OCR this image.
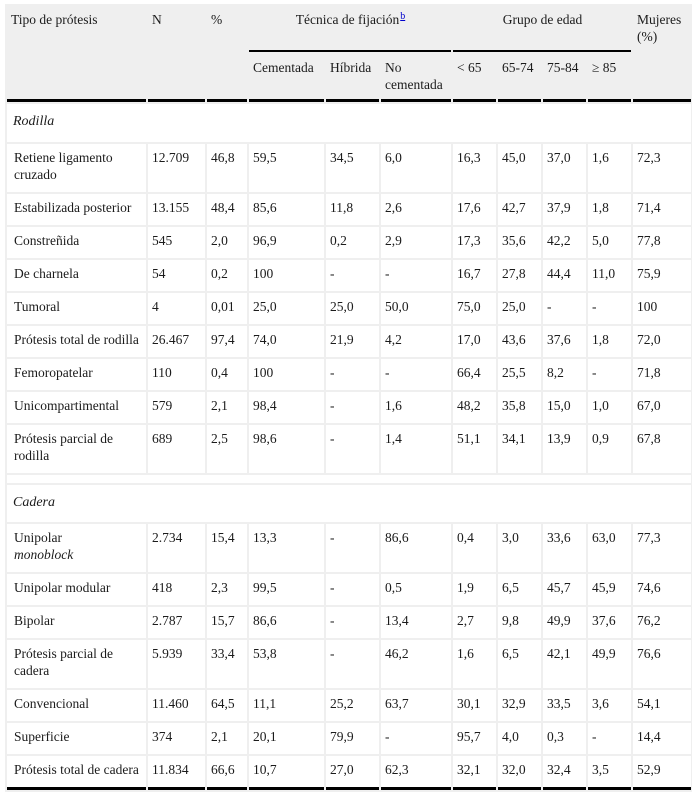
Tipo de prótesis	N	%	Técnica de fijación$^b$			Grupo de edad				Mujeres (%)
			Cementada	Híbrida	No cementada	< 65	65-74	75-84	≥ 85	
Rodilla										
Retiene ligamento cruzado	12.709	46,8	59,5	34,5	6,0	16,3	45,0	37,0	1,6	72,3
Estabilizada posterior	13.155	48,4	85,6	11,8	2,6	17,6	42,7	37,9	1,8	71,4
Constreñida	545	2,0	96,9	0,2	2,9	17,3	35,6	42,2	5,0	77,8
De charnela	54	0,2	100	-	-	16,7	27,8	44,4	11,0	75,9
Tumoral	4	0,01	25,0	25,0	50,0	75,0	25,0	-	-	100
Prótesis total de rodilla	26.467	97,4	74,0	21,9	4,2	17,0	43,6	37,6	1,8	72,0
Femoropatelar	110	0,4	100	-	-	66,4	25,5	8,2	-	71,8
Unicompartimental	579	2,1	98,4	-	1,6	48,2	35,8	15,0	1,0	67,0
Prótesis parcial de rodilla	689	2,5	98,6	-	1,4	51,1	34,1	13,9	0,9	67,8

Cadera										
Unipolar
monoblock	2.734	15,4	13,3	-	86,6	0,4	3,0	33,6	63,0	77,3
Unipolar modular	418	2,3	99,5	-	0,5	1,9	6,5	45,7	45,9	74,6
Bipolar	2.787	15,7	86,6	-	13,4	2,7	9,8	49,9	37,6	76,2
Prótesis parcial de cadera	5.939	33,4	53,8	-	46,2	1,6	6,5	42,1	49,9	76,6
Convencional	11.460	64,5	11,1	25,2	63,7	30,1	32,9	33,5	3,6	54,1
Superficie	374	2,1	20,1	79,9	-	95,7	4,0	0,3	-	14,4
Prótesis total de cadera	11.834	66,6	10,7	27,0	62,3	32,1	32,0	32,4	3,5	52,9
